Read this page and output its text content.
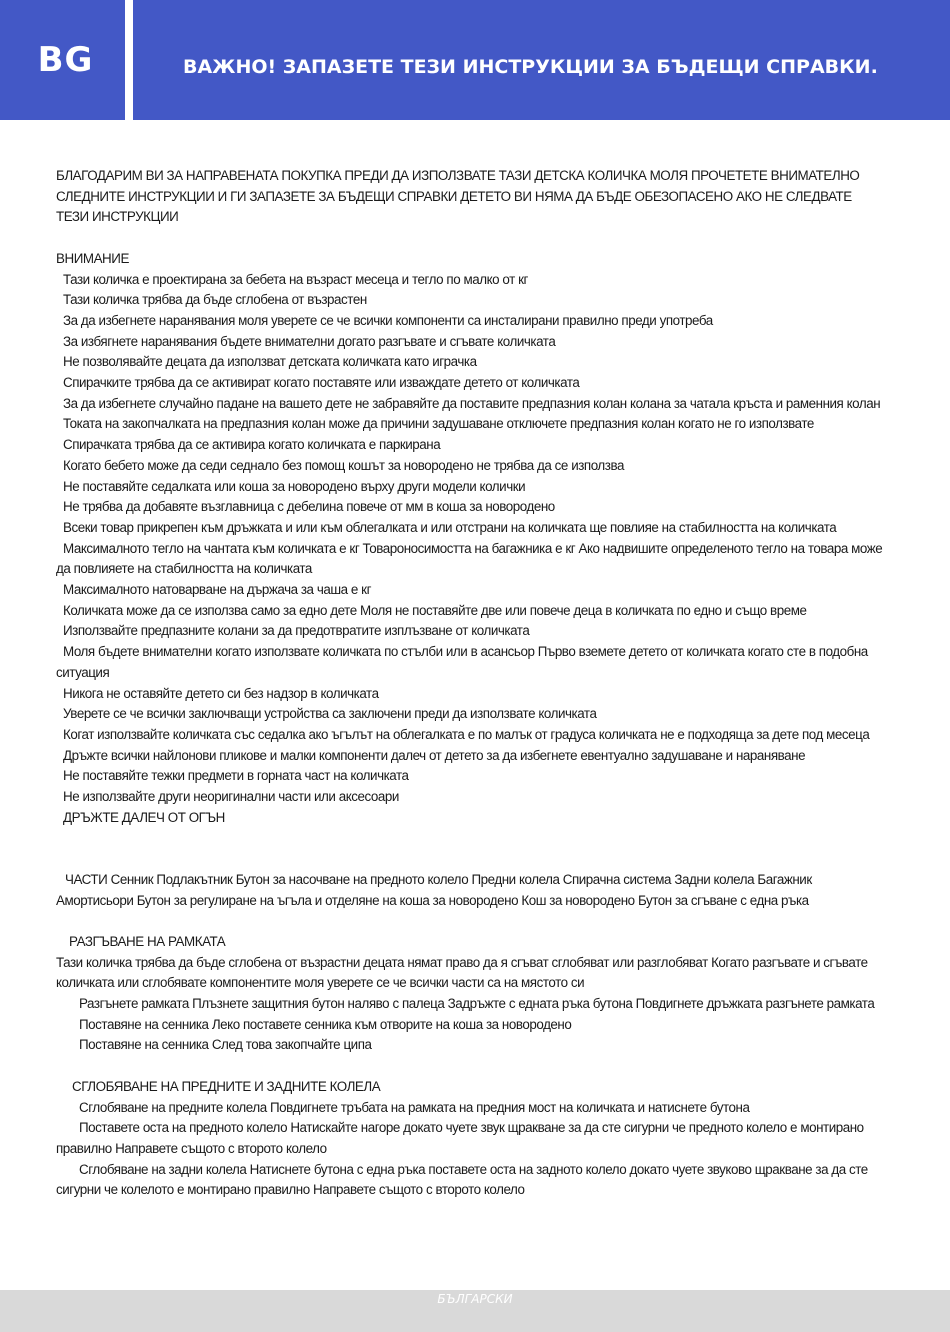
BG	ВАЖНО! ЗАПАЗЕТЕ ТЕЗИ ИНСТРУКЦИИ ЗА БЪДЕЩИ СПРАВКИ.

БЛАГОДАРИМ ВИ ЗА НАПРАВЕНАТА ПОКУПКА ПРЕДИ ДА ИЗПОЛЗВАТЕ ТАЗИ ДЕТСКА КОЛИЧКА МОЛЯ ПРОЧЕТЕТЕ ВНИМАТЕЛНО СЛЕДНИТЕ ИНСТРУКЦИИ И ГИ ЗАПАЗЕТЕ ЗА БЪДЕЩИ СПРАВКИ ДЕТЕТО ВИ НЯМА ДА БЪДЕ ОБЕЗОПАСЕНО АКО НЕ СЛЕДВАТЕ ТЕЗИ ИНСТРУКЦИИ

ВНИМАНИЕ

Тази количка е проектирана за бебета на възраст месеца и тегло по малко от кг

Тази количка трябва да бъде сглобена от възрастен

За да избегнете наранявания моля уверете се че всички компоненти са инсталирани правилно преди употреба

За избягнете наранявания бъдете внимателни догато разгъвате и сгъвате количката

Не позволявайте децата да използват детската количката като играчка

Спирачките трябва да се активират когато поставяте или изваждате детето от количката

За да избегнете случайно падане на вашето дете не забравяйте да поставите предпазния колан колана за чатала кръста и раменния колан

Токата на закопчалката на предпазния колан може да причини задушаване отключете предпазния колан когато не го използвате

Спирачката трябва да се активира когато количката е паркирана

Когато бебето може да седи седнало без помощ кошът за новородено не трябва да се използва

Не поставяйте седалката или коша за новородено върху други модели колички

Не трябва да добавяте възглавница с дебелина повече от мм в коша за новородено

Всеки товар прикрепен към дръжката и или към облегалката и или отстрани на количката ще повлияе на стабилността на количката

Максималното тегло на чантата към количката е кг Товароносимостта на багажника е кг Ако надвишите определеното тегло на товара може да повлияете на стабилността на количката

Максималното натоварване на държача за чаша е кг

Количката може да се използва само за едно дете Моля не поставяйте две или повече деца в количката по едно и също време

Използвайте предпазните колани за да предотвратите изплъзване от количката

Моля бъдете внимателни когато използвате количката по стълби или в асансьор Първо вземете детето от количката когато сте в подобна ситуация

Никога не оставяйте детето си без надзор в количката

Уверете се че всички заключващи устройства са заключени преди да използвате количката

Когат използвайте количката със седалка ако ъгълът на облегалката е по малък от градуса количката не е подходяща за дете под месеца

Дръжте всички найлонови пликове и малки компоненти далеч от детето за да избегнете евентуално задушаване и нараняване

Не поставяйте тежки предмети в горната част на количката

Не използвайте други неоригинални части или аксесоари

ДРЪЖТЕ ДАЛЕЧ ОТ ОГЪН

ЧАСТИ Сенник Подлакътник Бутон за насочване на предното колело Предни колела Спирачна система Задни колела Багажник Амортисьори Бутон за регулиране на ъгъла и отделяне на коша за новородено Кош за новородено Бутон за сгъване с една ръка

РАЗГЪВАНЕ НА РАМКАТА

Тази количка трябва да бъде сглобена от възрастни децата нямат право да я сгъват сглобяват или разглобяват Когато разгъвате и сгъвате количката или сглобявате компонентите моля уверете се че всички части са на мястото си

Разгънете рамката Плъзнете защитния бутон наляво с палеца Задръжте с едната ръка бутона Повдигнете дръжката разгънете рамката

Поставяне на сенника Леко поставете сенника към отворите на коша за новородено

Поставяне на сенника След това закопчайте ципа

СГЛОБЯВАНЕ НА ПРЕДНИТЕ И ЗАДНИТЕ КОЛЕЛА

Сглобяване на предните колела Повдигнете тръбата на рамката на предния мост на количката и натиснете бутона

Поставете оста на предното колело Натискайте нагоре докато чуете звук щракване за да сте сигурни че предното колело е монтирано правилно Направете същото с второто колело

Сглобяване на задни колела Натиснете бутона с една ръка поставете оста на задното колело докато чуете звуково щракване за да сте сигурни че колелото е монтирано правилно Направете същото с второто колело

БЪЛГАРСКИ
